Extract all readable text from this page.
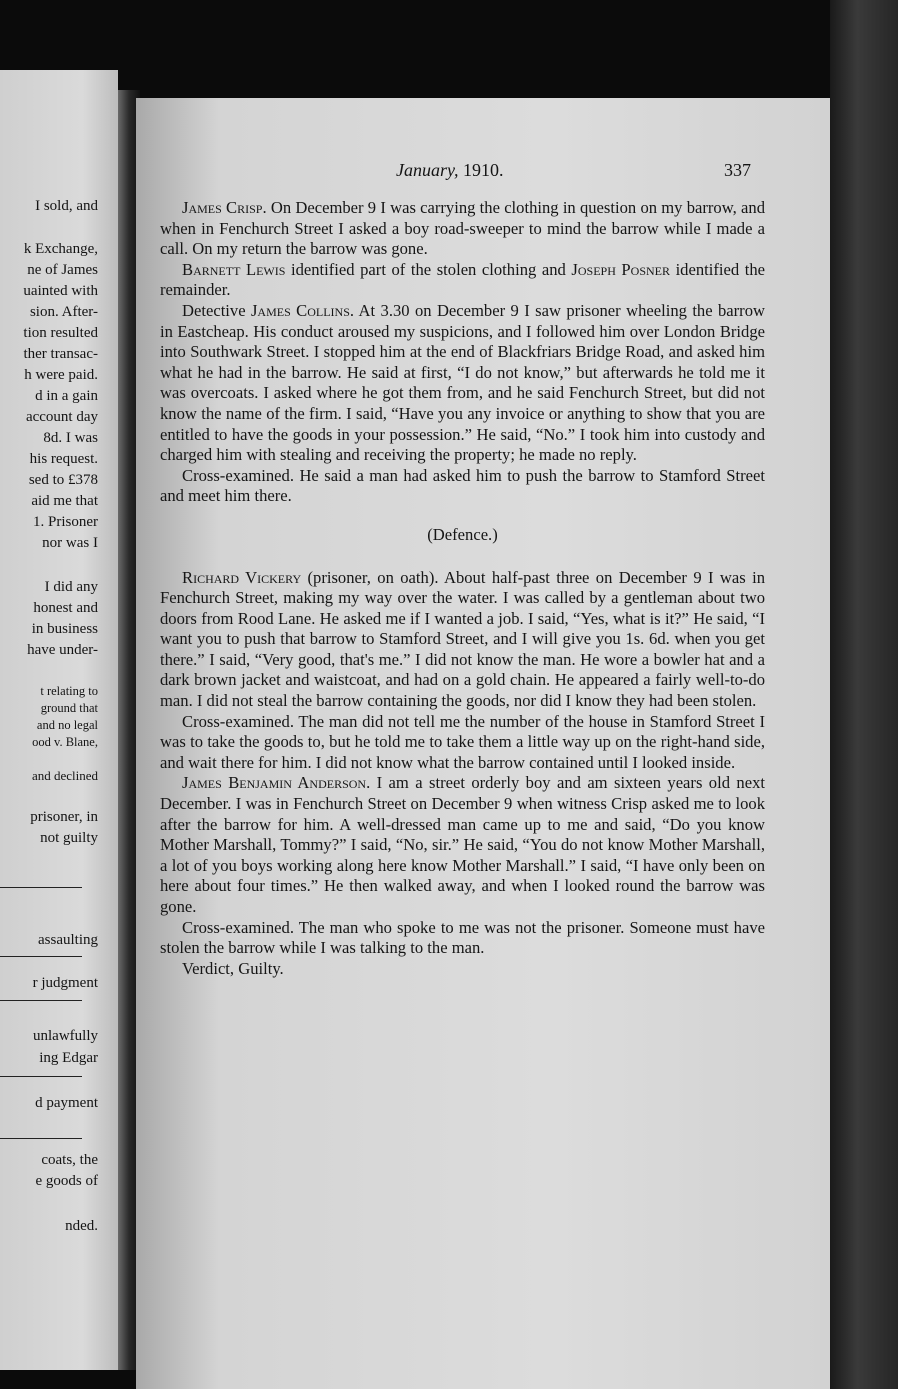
I sold, and
k Exchange,
ne of James
uainted with
sion. After-
tion resulted
ther transac-
h were paid.
d in a gain
account day
8d. I was
his request.
sed to £378
aid me that
1. Prisoner
nor was I
I did any
honest and
in business
have under-
t relating to
ground that
and no legal
ood v. Blane,
and declined
prisoner, in
not guilty
assaulting
r judgment
unlawfully
ing Edgar
d payment
coats, the
e goods of
nded.
January, 1910.	337

James Crisp. On December 9 I was carrying the clothing in question on my barrow, and when in Fenchurch Street I asked a boy road-sweeper to mind the barrow while I made a call. On my return the barrow was gone.

Barnett Lewis identified part of the stolen clothing and Joseph Posner identified the remainder.

Detective James Collins. At 3.30 on December 9 I saw prisoner wheeling the barrow in Eastcheap. His conduct aroused my suspicions, and I followed him over London Bridge into Southwark Street. I stopped him at the end of Blackfriars Bridge Road, and asked him what he had in the barrow. He said at first, “I do not know,” but afterwards he told me it was overcoats. I asked where he got them from, and he said Fenchurch Street, but did not know the name of the firm. I said, “Have you any invoice or anything to show that you are entitled to have the goods in your possession.” He said, “No.” I took him into custody and charged him with stealing and receiving the property; he made no reply.

Cross-examined. He said a man had asked him to push the barrow to Stamford Street and meet him there.

(Defence.)

Richard Vickery (prisoner, on oath). About half-past three on December 9 I was in Fenchurch Street, making my way over the water. I was called by a gentleman about two doors from Rood Lane. He asked me if I wanted a job. I said, “Yes, what is it?” He said, “I want you to push that barrow to Stamford Street, and I will give you 1s. 6d. when you get there.” I said, “Very good, that's me.” I did not know the man. He wore a bowler hat and a dark brown jacket and waistcoat, and had on a gold chain. He appeared a fairly well-to-do man. I did not steal the barrow containing the goods, nor did I know they had been stolen.

Cross-examined. The man did not tell me the number of the house in Stamford Street I was to take the goods to, but he told me to take them a little way up on the right-hand side, and wait there for him. I did not know what the barrow contained until I looked inside.

James Benjamin Anderson. I am a street orderly boy and am sixteen years old next December. I was in Fenchurch Street on December 9 when witness Crisp asked me to look after the barrow for him. A well-dressed man came up to me and said, “Do you know Mother Marshall, Tommy?” I said, “No, sir.” He said, “You do not know Mother Marshall, a lot of you boys working along here know Mother Marshall.” I said, “I have only been on here about four times.” He then walked away, and when I looked round the barrow was gone.

Cross-examined. The man who spoke to me was not the prisoner. Someone must have stolen the barrow while I was talking to the man.

Verdict, Guilty.
